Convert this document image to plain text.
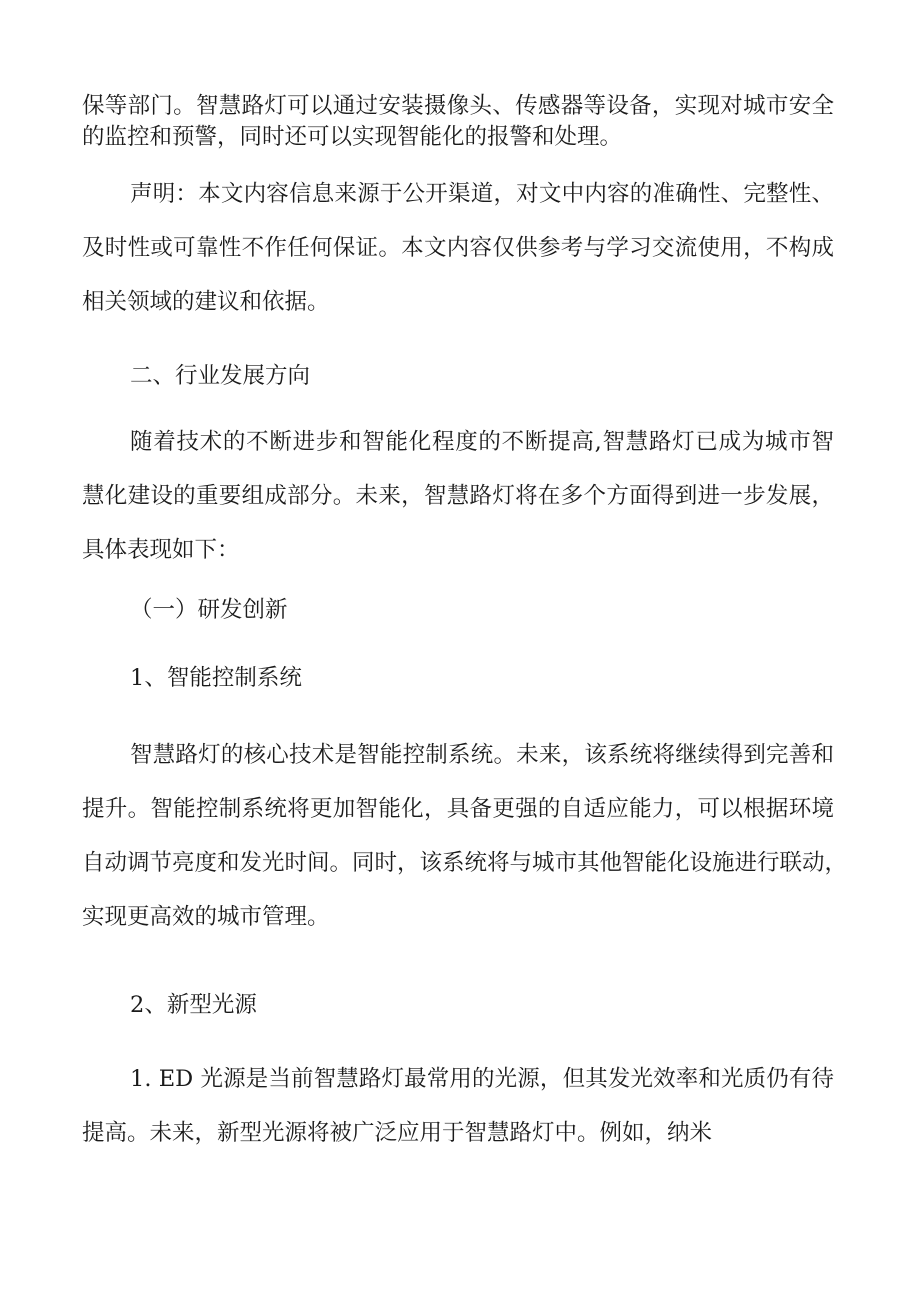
保等部门。智慧路灯可以通过安装摄像头、传感器等设备，实现对城市安全
的监控和预警，同时还可以实现智能化的报警和处理。
声明：本文内容信息来源于公开渠道，对文中内容的准确性、完整性、
及时性或可靠性不作任何保证。本文内容仅供参考与学习交流使用，不构成
相关领域的建议和依据。
二、行业发展方向
随着技术的不断进步和智能化程度的不断提高,智慧路灯已成为城市智
慧化建设的重要组成部分。未来，智慧路灯将在多个方面得到进一步发展，
具体表现如下：
（一）研发创新
1、智能控制系统
智慧路灯的核心技术是智能控制系统。未来，该系统将继续得到完善和
提升。智能控制系统将更加智能化，具备更强的自适应能力，可以根据环境
自动调节亮度和发光时间。同时，该系统将与城市其他智能化设施进行联动，
实现更高效的城市管理。
2、新型光源
1. ED 光源是当前智慧路灯最常用的光源，但其发光效率和光质仍有待
提高。未来，新型光源将被广泛应用于智慧路灯中。例如，纳米
